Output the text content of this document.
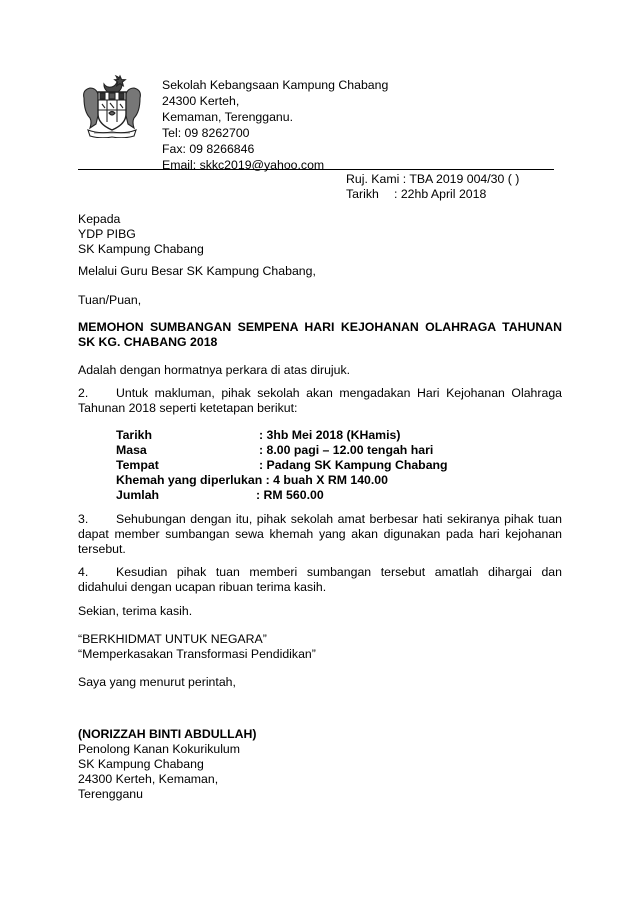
Sekolah Kebangsaan Kampung Chabang
24300 Kerteh,
Kemaman, Terengganu.
Tel: 09 8262700
Fax: 09 8266846
Email: skkc2019@yahoo.com
Ruj. Kami : TBA 2019 004/30 ( )
Tarikh : 22hb April 2018
Kepada
YDP PIBG
SK Kampung Chabang
Melalui Guru Besar SK Kampung Chabang,
Tuan/Puan,
MEMOHON SUMBANGAN SEMPENA HARI KEJOHANAN OLAHRAGA TAHUNAN SK KG. CHABANG 2018
Adalah dengan hormatnya perkara di atas dirujuk.
2. Untuk makluman, pihak sekolah akan mengadakan Hari Kejohanan Olahraga Tahunan 2018 seperti ketetapan berikut:
Tarikh	: 3hb Mei 2018 (KHamis)
Masa	: 8.00 pagi – 12.00 tengah hari
Tempat	: Padang SK Kampung Chabang
Khemah yang diperlukan : 4 buah X RM 140.00
Jumlah	: RM 560.00
3. Sehubungan dengan itu, pihak sekolah amat berbesar hati sekiranya pihak tuan dapat member sumbangan sewa khemah yang akan digunakan pada hari kejohanan tersebut.
4. Kesudian pihak tuan memberi sumbangan tersebut amatlah dihargai dan didahului dengan ucapan ribuan terima kasih.
Sekian, terima kasih.
“BERKHIDMAT UNTUK NEGARA”
“Memperkasakan Transformasi Pendidikan”
Saya yang menurut perintah,
(NORIZZAH BINTI ABDULLAH)
Penolong Kanan Kokurikulum
SK Kampung Chabang
24300 Kerteh, Kemaman,
Terengganu
